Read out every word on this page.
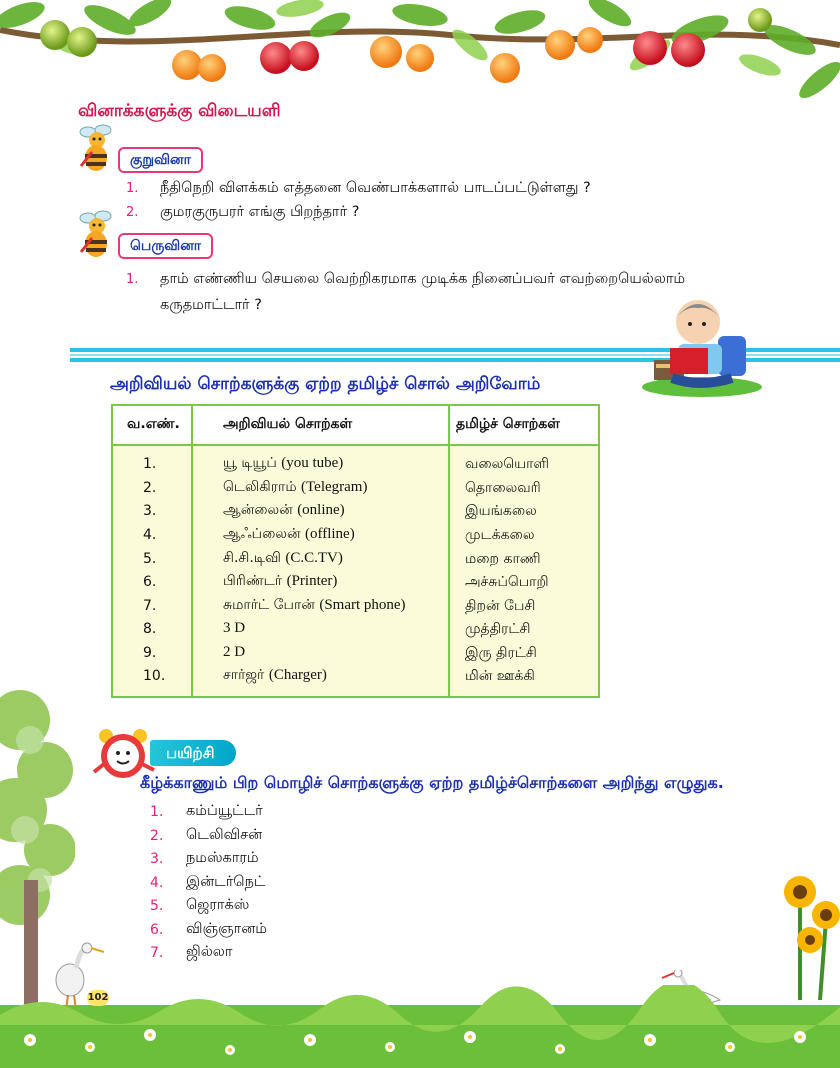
வினாக்களுக்கு விடையளி
குறுவினா
1. நீதிநெறி விளக்கம் எத்தனை வெண்பாக்களால் பாடப்பட்டுள்ளது ?
2. குமரகுருபரர் எங்கு பிறந்தார் ?
பெருவினா
1. தாம் எண்ணிய செயலை வெற்றிகரமாக முடிக்க நினைப்பவர் எவற்றையெல்லாம்
கருதமாட்டார் ?
அறிவியல் சொற்களுக்கு ஏற்ற தமிழ்ச் சொல் அறிவோம்
வ.எண்.	அறிவியல் சொற்கள்	தமிழ்ச் சொற்கள்
1.	யூ டியூப் (you tube)	வலையொளி
2.	டெலிகிராம் (Telegram)	தொலைவரி
3.	ஆன்லைன் (online)	இயங்கலை
4.	ஆஃப்லைன் (offline)	முடக்கலை
5.	சி.சி.டிவி (C.C.TV)	மறை காணி
6.	பிரிண்டர் (Printer)	அச்சுப்பொறி
7.	சுமார்ட் போன் (Smart phone)	திறன் பேசி
8.	3 D	முத்திரட்சி
9.	2 D	இரு திரட்சி
10.	சார்ஜர் (Charger)	மின் ஊக்கி
பயிற்சி
கீழ்க்காணும் பிற மொழிச் சொற்களுக்கு ஏற்ற தமிழ்ச்சொற்களை அறிந்து எழுதுக.
1. கம்ப்யூட்டர்
2. டெலிவிசன்
3. நமஸ்காரம்
4. இன்டர்நெட்
5. ஜெராக்ஸ்
6. விஞ்ஞானம்
7. ஜில்லா
102
